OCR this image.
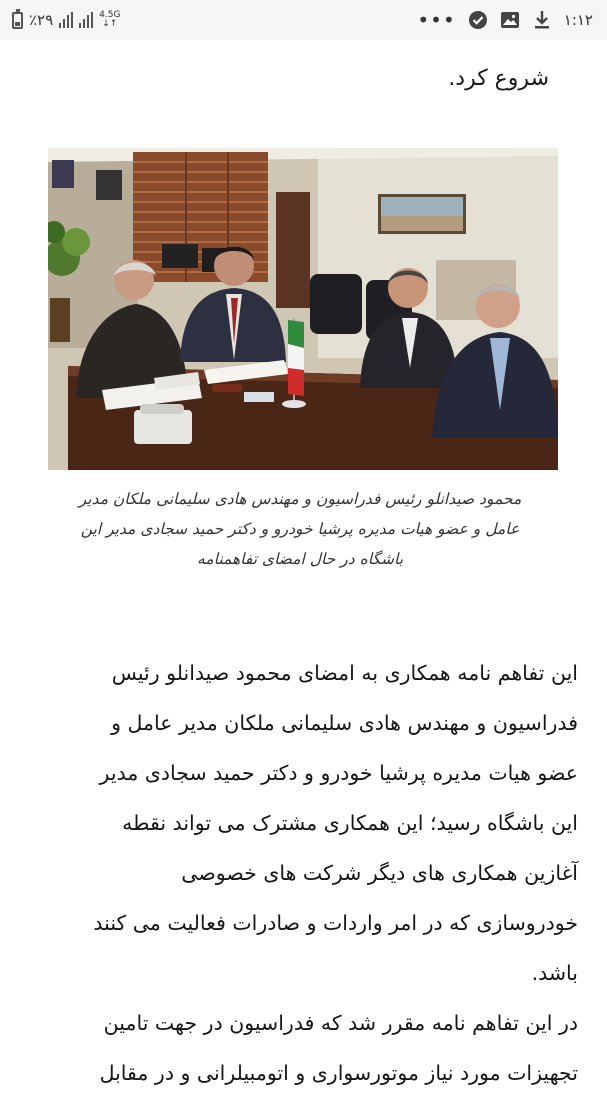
٪۲۹	4.5G
↓↑	•••	۱:۱۲

شروع کرد.

محمود صیدانلو رئیس فدراسیون و مهندس هادی سلیمانی ملکان مدیر
عامل و عضو هیات مدیره پرشیا خودرو و دکتر حمید سجادی مدیر این
باشگاه در حال امضای تفاهمنامه

این تفاهم نامه همکاری به امضای محمود صیدانلو رئیس
فدراسیون و مهندس هادی سلیمانی ملکان مدیر عامل و
عضو هیات مدیره پرشیا خودرو و دکتر حمید سجادی مدیر
این باشگاه رسید؛ این همکاری مشترک می تواند نقطه
آغازین همکاری های دیگر شرکت های خصوصی
خودروسازی که در امر واردات و صادرات فعالیت می کنند
باشد.
در این تفاهم نامه مقرر شد که فدراسیون در جهت تامین
تجهیزات مورد نیاز موتورسواری و اتومبیلرانی و در مقابل
